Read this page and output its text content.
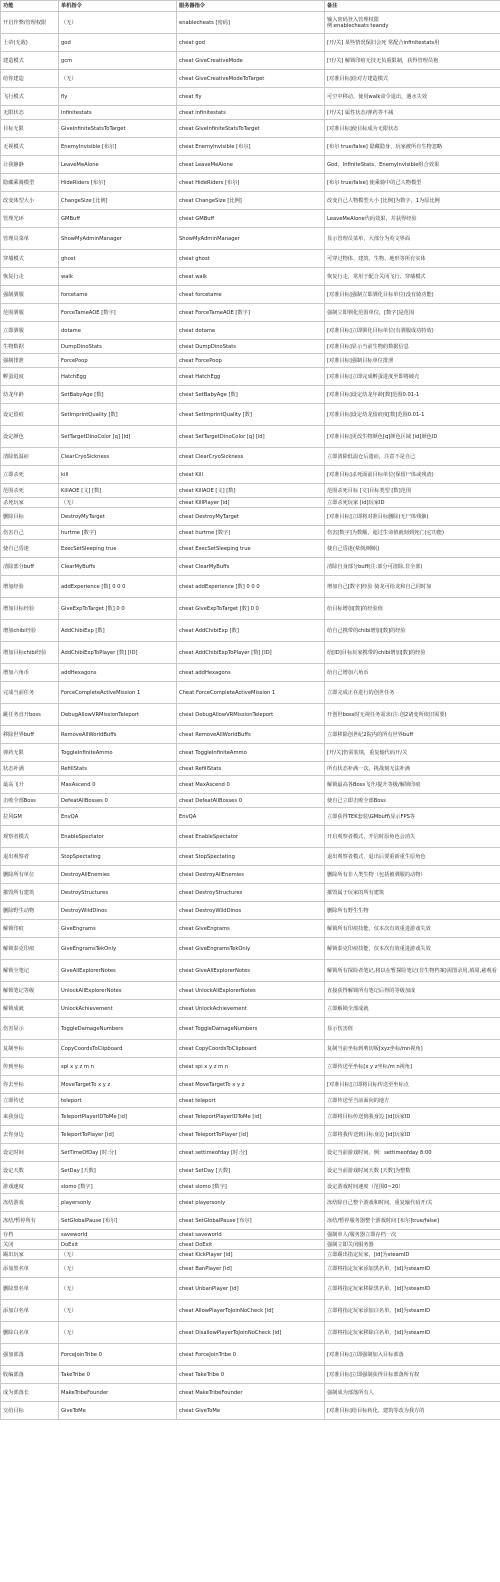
功能	单机指令	服务器指令	备注
开启作弊/管理权限	（无）	enablecheats [密码]	输入密码登入管理权限
例:enablecheats teandy
上帝(无敌)	god	cheat god	[开/关] 某些情况保旧会死 常配合infinitestats用
建造模式	gcm	cheat GiveCreativeMode	[开/关] 解锁印痕无技无负重限制，获得管理员袍
给你建造	（无）	cheat GiveCreativeModeToTarget	[对准目标]给对方建造模式
飞行模式	fly	cheat fly	可空中移动，使用walk命令退出，遇水失效
无限状态	infinitestats	cheat infinitestats	[开/关] 属性状态/弹药等不减
目标无限	GiveInfiniteStatsToTarget	cheat GiveInfiniteStatsToTarget	[对准目标]使目标成为无限状态
无视模式	EnemyInvisible [布尔]	cheat EnemyInvisible [布尔]	[布尔 true/false] 隐藏隐身，玩家被所有生物忽略
让我静静	LeaveMeAlone	cheat LeaveMeAlone	God、InfiniteStats、EnemyInvisible组合效果
隐藏乘骑模型	HideRiders [布尔]	cheat HideRiders [布尔]	[布尔 true/false] 使乘骑中的己人物模型
改变体型大小	ChangeSize [比例]	cheat ChangeSize [比例]	改变自己人物模型大小 [比例]为数字，1为原比例
管理光环	GMBuff	cheat GMBuff	LeaveMeAlone代码效果，并获得经验
管理员菜单	ShowMyAdminManager	ShowMyAdminManager	显示管理员菜单，大部分为英文界面
穿墙模式	ghost	cheat ghost	可穿过物体、建筑、生物、地形等所有实体
恢复行走	walk	cheat walk	恢复行走，常用于配合关闭飞行、穿墙模式
强制驯服	forcetame	cheat forcetame	[对准目标]强制立即驯化目标单位(没有骑功能)
范围驯服	ForceTameAOE [数字]	cheat ForceTameAOE [数字]	强制立即驯化范围单位，[数字]是范围
立即驯服	dotame	cheat dotame	[对准目标]立即驯化目标单位(有驯服成功特效)
生物数据	DumpDinoStats	cheat DumpDinoStats	[对准目标]显示当前生物的数据信息
强制排泄	ForcePoop	cheat ForcePoop	[对准目标]强制目标单位排泄
孵蛋进度	HatchEgg	cheat HatchEgg	[对准目标]立即完成孵蛋进度至即将破壳
幼龙年龄	SetBabyAge [数]	cheat SetBabyAge [数]	[对准目标]设定幼龙年龄[数]范围0.01-1
设定留痕	SetImprintQuality [数]	cheat SetImprintQuality [数]	[对准目标]设定幼龙留痕度[数]范围0.01-1
设定颜色	SetTargetDinoColor [q] [id]	cheat SetTargetDinoColor [q] [id]	[对准目标]更改生物颜色[q]颜色区域 [id]颜色ID
清除低温症	ClearCryoSickness	cheat ClearCryoSickness	立即清除低温仓后遗症，注意不是自己
立即杀死	kill	cheat Kill	[对准目标]杀死面前目标单位(保留尸体或残渣)
范围杀死	KillAOE [文] [数]	cheat KillAOE [文] [数]	范围杀死目标 [文]目标类型 [数]范围
杀死玩家	（无）	cheat KillPlayer [id]	立即杀死玩家 [id]玩家ID
删除目标	DestroyMyTarget	cheat DestroyMyTarget	[对准目标]立即将对准目标删除(无尸体残骸)
伤害自己	hurtme [数字]	cheat hurtme [数字]	伤害[数字]为数额，超过生命值就刻到死亡(它功能)
使自己昏迷	ExecSetSleeping true	cheat ExecSetSleeping true	使自己昏迷(晕倒/睡眠)
清除部分buff	ClearMyBuffs	cheat ClearMyBuffs	清除自身部分buff(注:部分可清除,非全部)
增加经验	addExperience [数] 0 0 0	cheat addExperience [数] 0 0 0	增加自己[数字]经验 骑龙可给龙和自己同时加
增加目标经验	GiveExpToTarget [数] 0 0	cheat GiveExpToTarget [数] 0 0	给目标增加[数]的经验值
增加chibi经验	AddChibiExp [数]	cheat AddChibiExp [数]	给自己携带的chibi增加[数]的经验
增加目标chibi经验	AddChibiExpToPlayer [数] [ID]	cheat AddChibiExpToPlayer [数] [ID]	给[ID]目标玩家携带的chibi增加[数]的经验
增加六角币	addHexagons	cheat addHexagons	给自己增加六角币
完成当前任务	ForceCompleteActiveMission 1	Cheat ForceCompleteActiveMission 1	立即完成正在进行的创世任务
跳任务直开boss	DebugAllowVRMissionTeleport	cheat DebugAllowVRMissionTeleport	开创世boss时无视任务需求(注:创2诸变所依旧需要)
移除世界buff	RemoveAllWorldBuffs	cheat RemoveAllWorldBuffs	立即移除创世纪2院内的所有世界buff
弹药无限	ToggleInfiniteAmmo	cheat ToggleInfiniteAmmo	[开/关]仍需装填，重复输代码开/关
状态补满	RefillStats	cheat RefillStats	所有状态补满一次，挑战刻无法补满
最高飞升	MaxAscend 0	cheat MaxAscend 0	解锁最高各Boss飞升/提升等级/解锁印痕
击败全部Boss	DefeatAllBosses 0	cheat DefeatAllBosses 0	使自己立即击败全部Boss
拉风GM	EnvQA	EnvQA	立即获得TEK套装\GMbuff\显示FPS等
观察者模式	EnableSpectator	cheat EnableSpectator	开启观察者模式，开启时原角色会消失
退出观察者	StopSpectating	cheat StopSpectating	退出观察者模式，退出后要重新重生原角色
删除所有单位	DestroyAllEnemies	cheat DestroyAllEnemies	删除所有非人类生物（包括被驯服的动物）
摧毁所有建筑	DestroyStructures	cheat DestroyStructures	摧毁属于玩家的所有建筑
删除野生动物	DestroyWildDinos	cheat DestroyWildDinos	删除所有野生生物
解锁印痕	GiveEngrams	cheat GiveEngrams	解锁所有印痕技能，仅本次有效重进游戏失效
解锁泰克印痕	GiveEngramsTekOnly	cheat GiveEngramsTekOnly	解锁泰克印痕技能，仅本次有效重进游戏失效
解锁全笔记	GiveAllExplorerNotes	cheat GiveAllExplorerNotes	解锁所有探险者笔记,将以在暂探险笔记(非生物档案)需图录用,填周,慈观看
解锁笔记等级	UnlockAllExplorerNotes	cheat UnlockAllExplorerNotes	直接获得解锁所有笔记后得的等级加成
解锁成就	UnlockAchievement	cheat UnlockAchievement	立即解锁全部成就
伤害显示	ToggleDamageNumbers	cheat ToggleDamageNumbers	显示伤害值
复制坐标	CopyCoordsToClipboard	cheat CopyCoordsToClipboard	复制当前坐标到剪切板[xyz坐标/mn视角]
传到坐标	spi x y z m n	cheat spi x y z m n	立即传送至坐标[x y z坐标/m n视角]
你去坐标	MoveTargetTo x y z	cheat MoveTargetTo x y z	[对准目标]立即将目标传送至坐标点
立即传送	teleport	cheat teleport	立即传送至当前面向的地方
来我身边	TeleportPlayerIDToMe [id]	cheat TeleportPlayerIDToMe [id]	立即将目标传送到我身边 [id]玩家ID
去你身边	TeleportToPlayer [id]	cheat TeleportToPlayer [id]	立即将我传送到目标身边 [id]玩家ID
设定时间	SetTimeOfDay [时:分]	cheat settimeofday [时:分]	设定当前游戏时间，例：settimeofday 8:00
设定天数	SetDay [天数]	cheat SetDay [天数]	设定当前游戏时间天数 [天数]为整数
游戏速度	slomo [数字]	cheat slomo [数字]	设定游戏时间速度（范围0~20）
冻结游戏	playersonly	cheat playersonly	冻结除自己整个游戏和时间，重复输代码开/关
冻结/暂停所有	SetGlobalPause [布尔]	cheat SetGlobalPause [布尔]	冻结/暂停服务器整个游戏时间 [布尔]true/false]
存档	saveworld	cheat saveworld	强制单人/服务器立即存档一次
关闭	DoExit	cheat DoExit	强制立即关闭服务器
踢出玩家	（无）	cheat KickPlayer [id]	立即踢出指定玩家，[id]为steamID
添加黑名单	（无）	cheat BanPlayer [id]	立即将指定玩家添加黑名单，[id]为steamID
删除黑名单	（无）	cheat UnbanPlayer [id]	立即将指定玩家移除黑名单，[id]为steamID
添加白名单	（无）	cheat AllowPlayerToJoinNoCheck [id]	立即将指定玩家添加白名单，[id]为steamID
删除白名单	（无）	cheat DisallowPlayerToJoinNoCheck [id]	立即将指定玩家移除白名单，[id]为steamID
强加部落	ForceJoinTribe 0	cheat ForceJoinTribe 0	[对准目标]立即强制加入目标部落
收编部落	TakeTribe 0	cheat TakeTribe 0	[对准目标]立即强制获得目标部落所有权
成为部落长	MakeTribeFounder	cheat MakeTribeFounder	强制成为部落所有人
交给目标	GiveToMe	cheat GiveToMe	[对准目标]给目标转化，建筑等改为我方的
